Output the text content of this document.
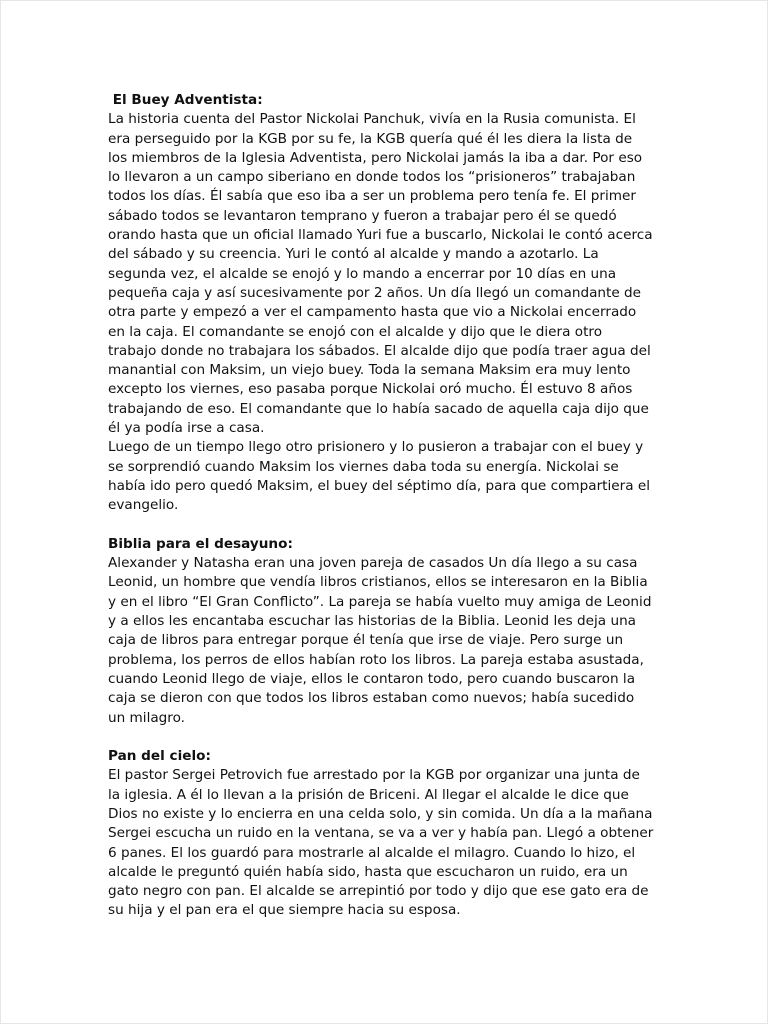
El Buey Adventista:

La historia cuenta del Pastor Nickolai Panchuk, vivía en la Rusia comunista. El
era perseguido por la KGB por su fe, la KGB quería qué él les diera la lista de
los miembros de la Iglesia Adventista, pero Nickolai jamás la iba a dar. Por eso
lo llevaron a un campo siberiano en donde todos los “prisioneros” trabajaban
todos los días. Él sabía que eso iba a ser un problema pero tenía fe. El primer
sábado todos se levantaron temprano y fueron a trabajar pero él se quedó
orando hasta que un oficial llamado Yuri fue a buscarlo, Nickolai le contó acerca
del sábado y su creencia. Yuri le contó al alcalde y mando a azotarlo. La
segunda vez, el alcalde se enojó y lo mando a encerrar por 10 días en una
pequeña caja y así sucesivamente por 2 años. Un día llegó un comandante de
otra parte y empezó a ver el campamento hasta que vio a Nickolai encerrado
en la caja. El comandante se enojó con el alcalde y dijo que le diera otro
trabajo donde no trabajara los sábados. El alcalde dijo que podía traer agua del
manantial con Maksim, un viejo buey. Toda la semana Maksim era muy lento
excepto los viernes, eso pasaba porque Nickolai oró mucho. Él estuvo 8 años
trabajando de eso. El comandante que lo había sacado de aquella caja dijo que
él ya podía irse a casa.

Luego de un tiempo llego otro prisionero y lo pusieron a trabajar con el buey y
se sorprendió cuando Maksim los viernes daba toda su energía. Nickolai se
había ido pero quedó Maksim, el buey del séptimo día, para que compartiera el
evangelio.

Biblia para el desayuno:

Alexander y Natasha eran una joven pareja de casados Un día llego a su casa
Leonid, un hombre que vendía libros cristianos, ellos se interesaron en la Biblia
y en el libro “El Gran Conflicto”. La pareja se había vuelto muy amiga de Leonid
y a ellos les encantaba escuchar las historias de la Biblia. Leonid les deja una
caja de libros para entregar porque él tenía que irse de viaje. Pero surge un
problema, los perros de ellos habían roto los libros. La pareja estaba asustada,
cuando Leonid llego de viaje, ellos le contaron todo, pero cuando buscaron la
caja se dieron con que todos los libros estaban como nuevos; había sucedido
un milagro.

Pan del cielo:

El pastor Sergei Petrovich fue arrestado por la KGB por organizar una junta de
la iglesia. A él lo llevan a la prisión de Briceni. Al llegar el alcalde le dice que
Dios no existe y lo encierra en una celda solo, y sin comida. Un día a la mañana
Sergei escucha un ruido en la ventana, se va a ver y había pan. Llegó a obtener
6 panes. El los guardó para mostrarle al alcalde el milagro. Cuando lo hizo, el
alcalde le preguntó quién había sido, hasta que escucharon un ruido, era un
gato negro con pan. El alcalde se arrepintió por todo y dijo que ese gato era de
su hija y el pan era el que siempre hacia su esposa.
